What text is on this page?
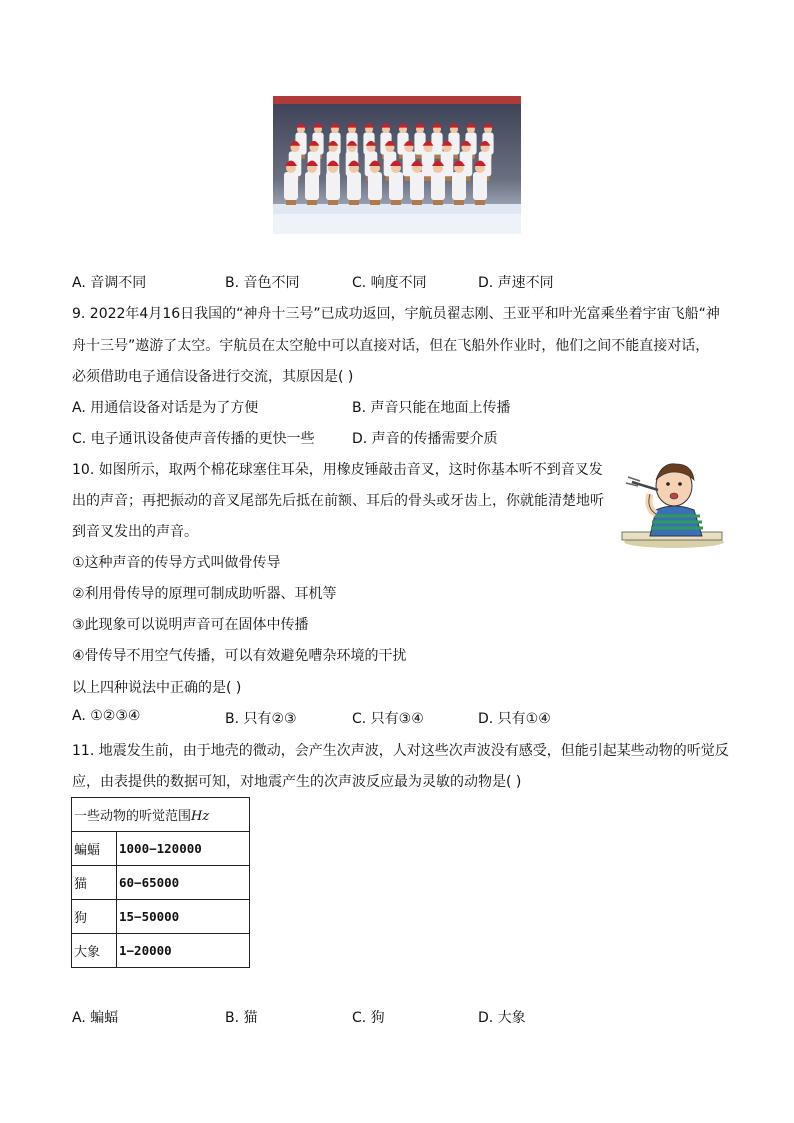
A. 音调不同	B. 音色不同	C. 响度不同	D. 声速不同
9. 2022年4月16日我国的“神舟十三号”已成功返回，宇航员翟志刚、王亚平和叶光富乘坐着宇宙飞船“神
舟十三号”遨游了太空。宇航员在太空舱中可以直接对话，但在飞船外作业时，他们之间不能直接对话，
必须借助电子通信设备进行交流，其原因是( )
A. 用通信设备对话是为了方便	B. 声音只能在地面上传播
C. 电子通讯设备使声音传播的更快一些	D. 声音的传播需要介质
10. 如图所示，取两个棉花球塞住耳朵，用橡皮锤敲击音叉，这时你基本听不到音叉发
出的声音；再把振动的音叉尾部先后抵在前额、耳后的骨头或牙齿上，你就能清楚地听
到音叉发出的声音。
①这种声音的传导方式叫做骨传导
②利用骨传导的原理可制成助听器、耳机等
③此现象可以说明声音可在固体中传播
④骨传导不用空气传播，可以有效避免嘈杂环境的干扰
以上四种说法中正确的是( )
A. ①②③④	B. 只有②③	C. 只有③④	D. 只有①④
11. 地震发生前，由于地壳的微动，会产生次声波，人对这些次声波没有感受，但能引起某些动物的听觉反
应，由表提供的数据可知，对地震产生的次声波反应最为灵敏的动物是( )
一些动物的听觉范围Hz	
蝙蝠	1000−120000
猫	60−65000
狗	15−50000
大象	1−20000
A. 蝙蝠	B. 猫	C. 狗	D. 大象
